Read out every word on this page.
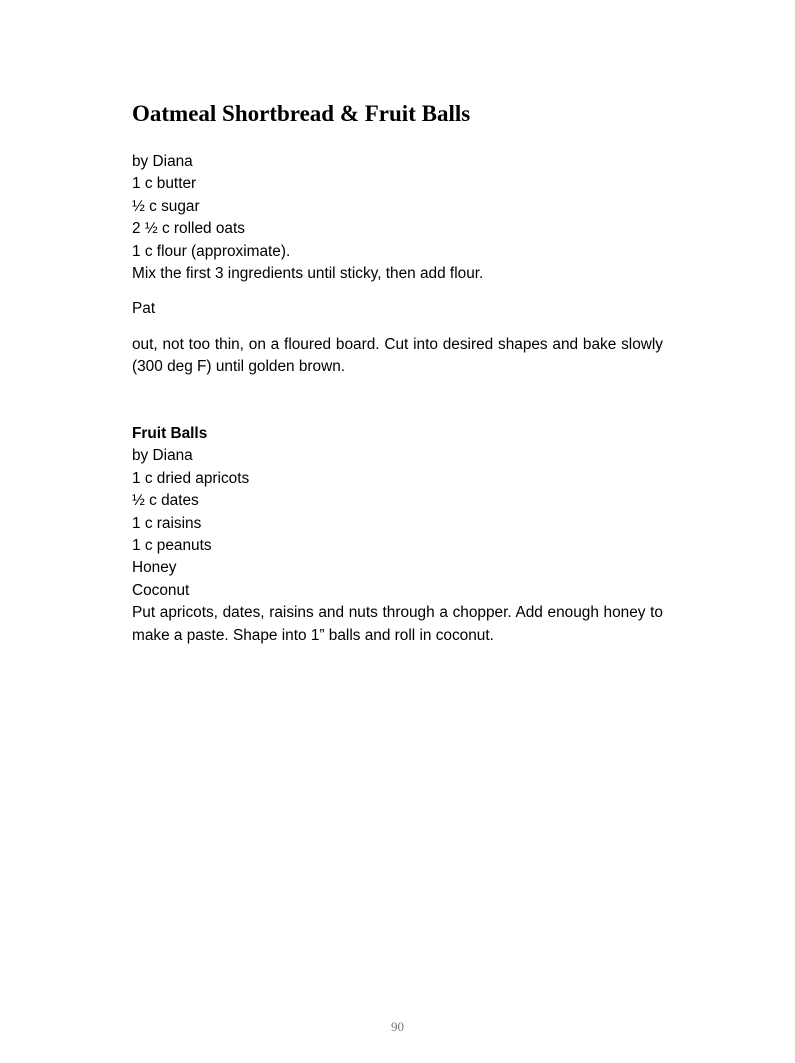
Oatmeal Shortbread & Fruit Balls
by Diana
1 c butter
½ c sugar
2 ½ c rolled oats
1 c flour (approximate).
Mix the first 3 ingredients until sticky, then add flour.
Pat
out, not too thin, on a floured board. Cut into desired shapes and bake slowly (300 deg F) until golden brown.
Fruit Balls
by Diana
1 c dried apricots
½ c dates
1 c raisins
1 c peanuts
Honey
Coconut
Put apricots, dates, raisins and nuts through a chopper. Add enough honey to make a paste. Shape into 1” balls and roll in coconut.
90
